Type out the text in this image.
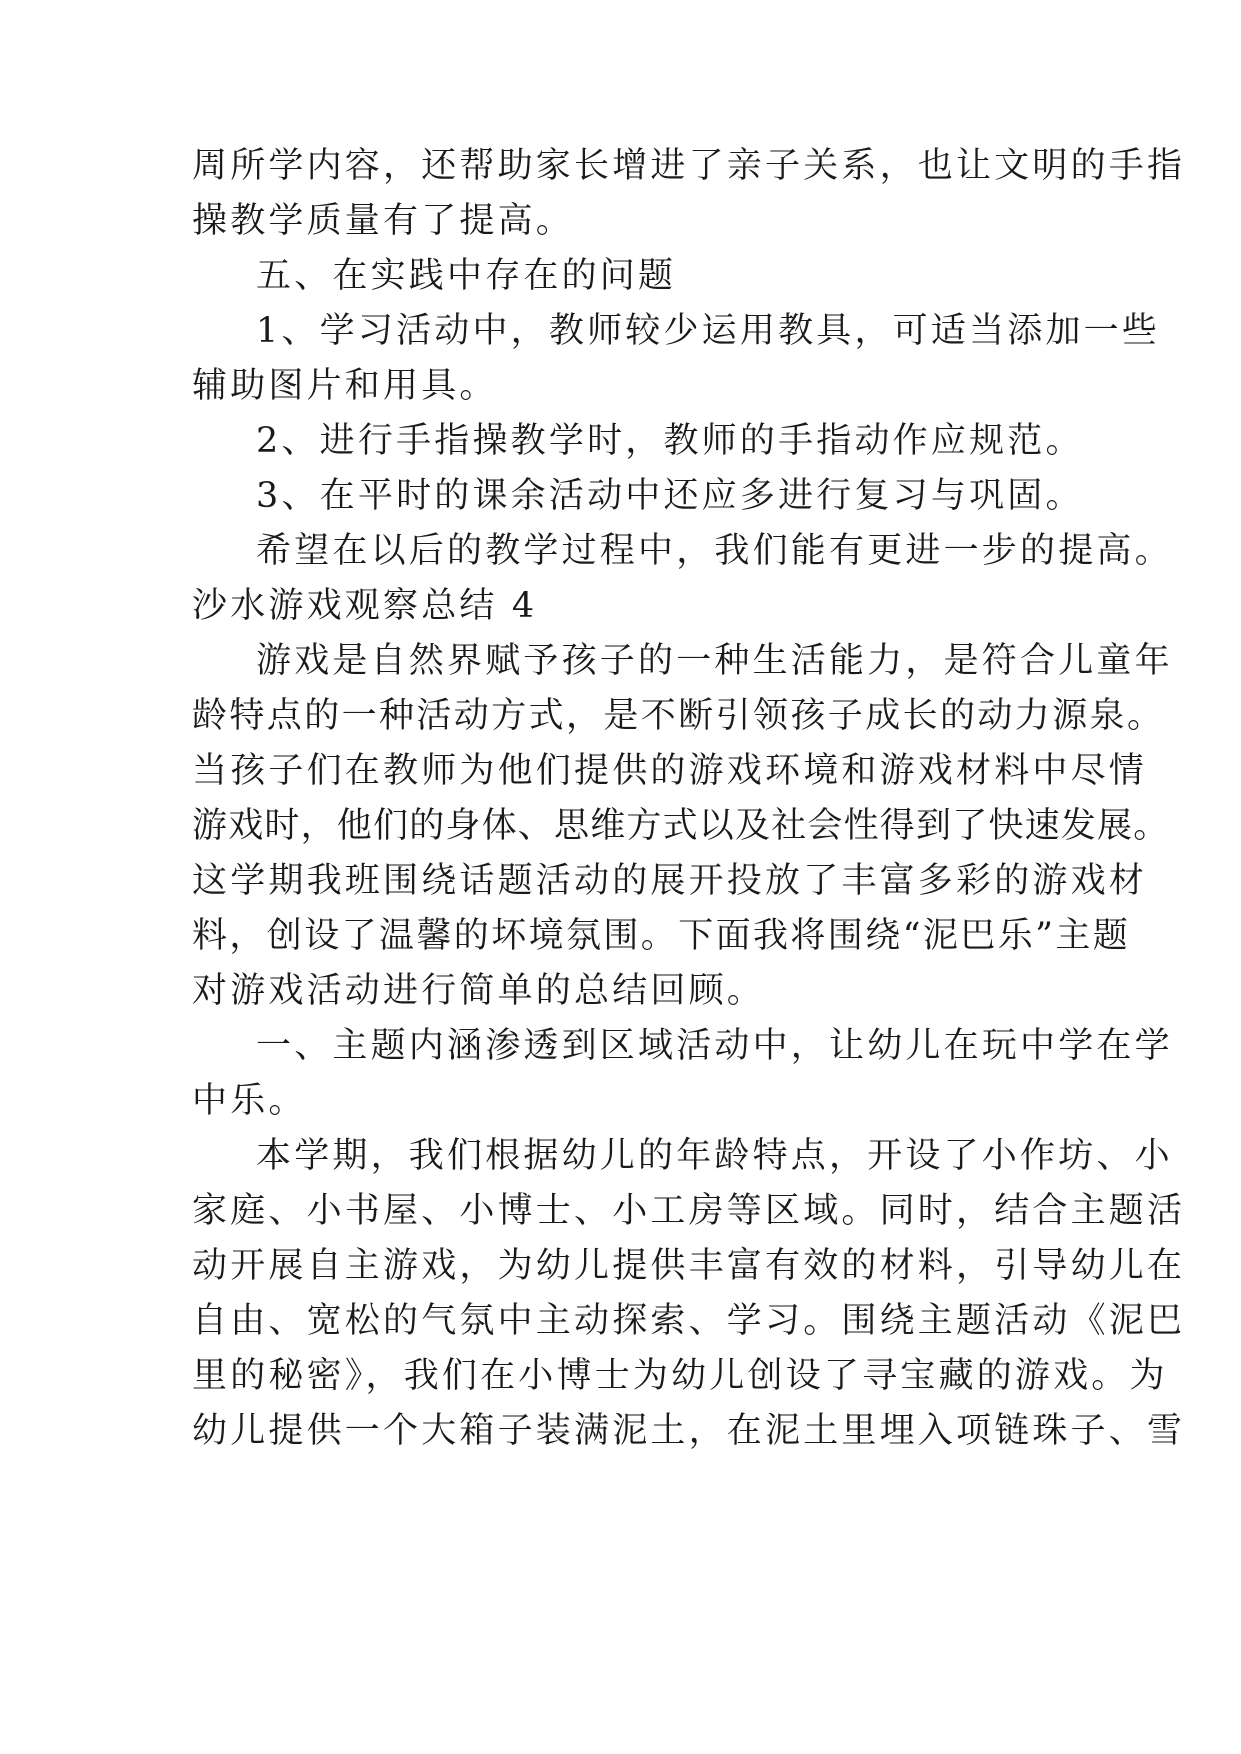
周所学内容，还帮助家长增进了亲子关系，也让文明的手指

操教学质量有了提高。

五、在实践中存在的问题

1、学习活动中，教师较少运用教具，可适当添加一些

辅助图片和用具。

2、进行手指操教学时，教师的手指动作应规范。

3、在平时的课余活动中还应多进行复习与巩固。

希望在以后的教学过程中，我们能有更进一步的提高。

沙水游戏观察总结 4

游戏是自然界赋予孩子的一种生活能力，是符合儿童年

龄特点的一种活动方式，是不断引领孩子成长的动力源泉。

当孩子们在教师为他们提供的游戏环境和游戏材料中尽情

游戏时，他们的身体、思维方式以及社会性得到了快速发展。

这学期我班围绕话题活动的展开投放了丰富多彩的游戏材

料，创设了温馨的坏境氛围。下面我将围绕“泥巴乐”主题

对游戏活动进行简单的总结回顾。

一、主题内涵渗透到区域活动中，让幼儿在玩中学在学

中乐。

本学期，我们根据幼儿的年龄特点，开设了小作坊、小

家庭、小书屋、小博士、小工房等区域。同时，结合主题活

动开展自主游戏，为幼儿提供丰富有效的材料，引导幼儿在

自由、宽松的气氛中主动探索、学习。围绕主题活动《泥巴

里的秘密》，我们在小博士为幼儿创设了寻宝藏的游戏。为

幼儿提供一个大箱子装满泥土，在泥土里埋入项链珠子、雪
